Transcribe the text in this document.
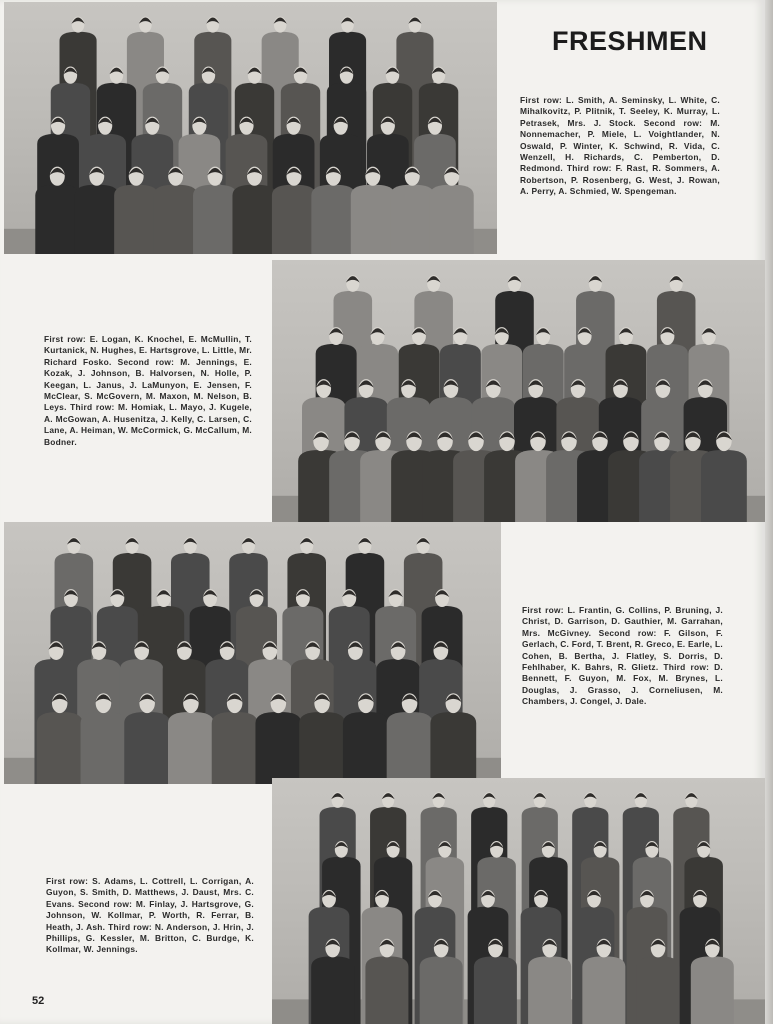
FRESHMEN

First row: L. Smith, A. Seminsky, L. White, C. Mihalkovitz, P. Plitnik, T. Seeley, K. Murray, L. Petrasek, Mrs. J. Stock. Second row: M. Nonnemacher, P. Miele, L. Voightlander, N. Oswald, P. Winter, K. Schwind, R. Vida, C. Wenzell, H. Richards, C. Pemberton, D. Redmond. Third row: F. Rast, R. Sommers, A. Robertson, P. Rosenberg, G. West, J. Rowan, A. Perry, A. Schmied, W. Spengeman.

First row: E. Logan, K. Knochel, E. McMullin, T. Kurtanick, N. Hughes, E. Hartsgrove, L. Little, Mr. Richard Fosko. Second row: M. Jennings, E. Kozak, J. Johnson, B. Halvorsen, N. Holle, P. Keegan, L. Janus, J. LaMunyon, E. Jensen, F. McClear, S. McGovern, M. Maxon, M. Nelson, B. Leys. Third row: M. Homiak, L. Mayo, J. Kugele, A. McGowan, A. Husenitza, J. Kelly, C. Larsen, C. Lane, A. Heiman, W. McCormick, G. McCallum, M. Bodner.

First row: L. Frantin, G. Collins, P. Bruning, J. Christ, D. Garrison, D. Gauthier, M. Garrahan, Mrs. McGivney. Second row: F. Gilson, F. Gerlach, C. Ford, T. Brent, R. Greco, E. Earle, L. Cohen, B. Bertha, J. Flatley, S. Dorris, D. Fehlhaber, K. Bahrs, R. Glietz. Third row: D. Bennett, F. Guyon, M. Fox, M. Brynes, L. Douglas, J. Grasso, J. Corneliusen, M. Chambers, J. Congel, J. Dale.

First row: S. Adams, L. Cottrell, L. Corrigan, A. Guyon, S. Smith, D. Matthews, J. Daust, Mrs. C. Evans. Second row: M. Finlay, J. Hartsgrove, G. Johnson, W. Kollmar, P. Worth, R. Ferrar, B. Heath, J. Ash. Third row: N. Anderson, J. Hrin, J. Phillips, G. Kessler, M. Britton, C. Burdge, K. Kollmar, W. Jennings.

52
